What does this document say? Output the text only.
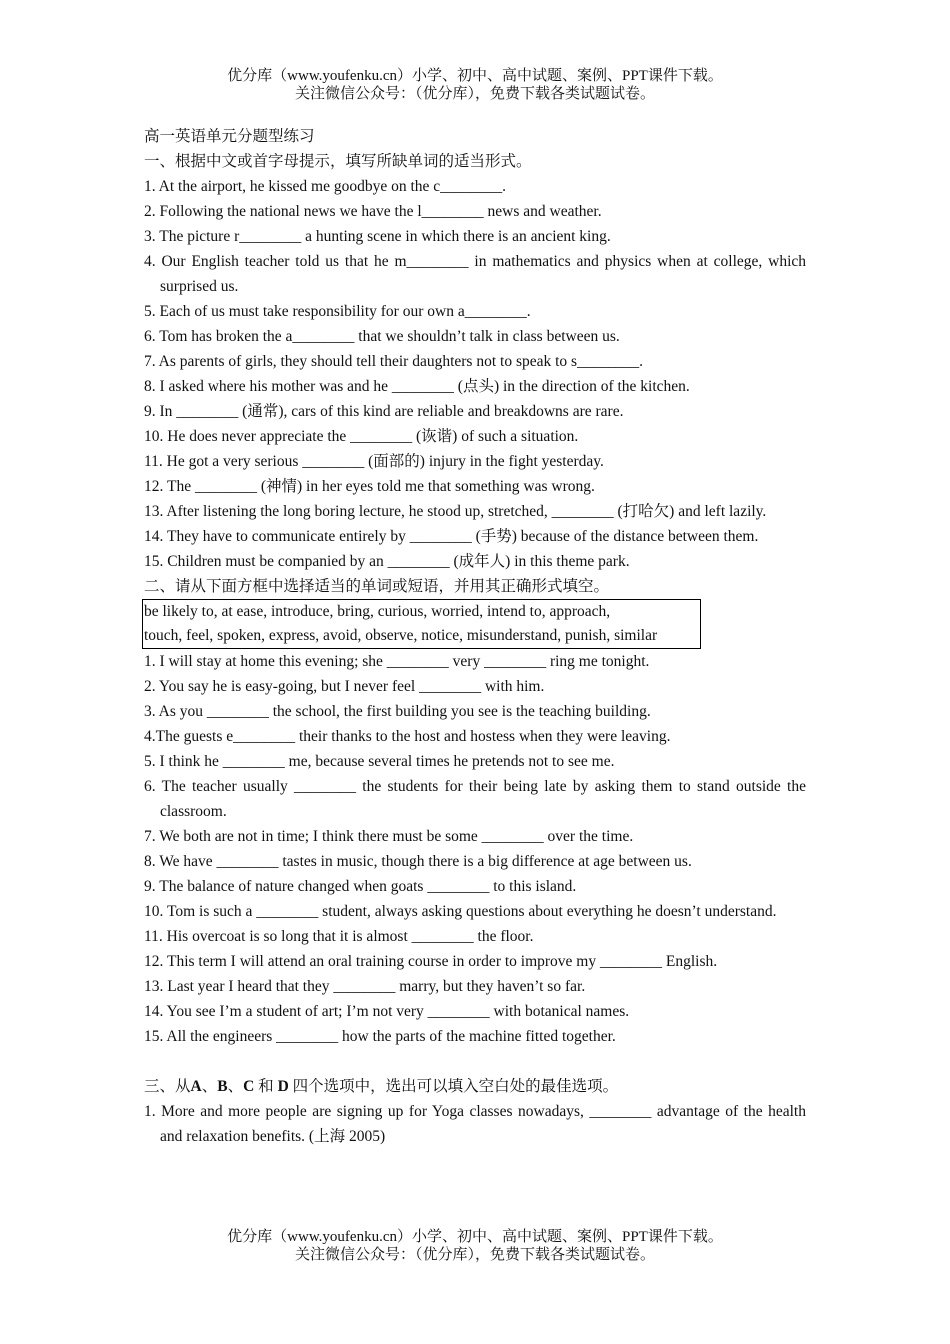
优分库（www.youfenku.cn）小学、初中、高中试题、案例、PPT课件下载。
关注微信公众号：（优分库），免费下载各类试题试卷。
高一英语单元分题型练习
一、根据中文或首字母提示，填写所缺单词的适当形式。
1. At the airport, he kissed me goodbye on the c________.
2. Following the national news we have the l________ news and weather.
3. The picture r________ a hunting scene in which there is an ancient king.
4. Our English teacher told us that he m________ in mathematics and physics when at college, which surprised us.
5. Each of us must take responsibility for our own a________.
6. Tom has broken the a________ that we shouldn’t talk in class between us.
7. As parents of girls, they should tell their daughters not to speak to s________.
8. I asked where his mother was and he ________ (点头) in the direction of the kitchen.
9. In ________ (通常), cars of this kind are reliable and breakdowns are rare.
10. He does never appreciate the ________ (诙谐) of such a situation.
11. He got a very serious ________ (面部的) injury in the fight yesterday.
12. The ________ (神情) in her eyes told me that something was wrong.
13. After listening the long boring lecture, he stood up, stretched, ________ (打哈欠) and left lazily.
14. They have to communicate entirely by ________ (手势) because of the distance between them.
15. Children must be companied by an ________ (成年人) in this theme park.
二、请从下面方框中选择适当的单词或短语，并用其正确形式填空。
be likely to, at ease, introduce, bring, curious, worried, intend to, approach,
touch, feel, spoken, express, avoid, observe, notice, misunderstand, punish, similar
1. I will stay at home this evening; she ________ very ________ ring me tonight.
2. You say he is easy-going, but I never feel ________ with him.
3. As you ________ the school, the first building you see is the teaching building.
4.The guests e________ their thanks to the host and hostess when they were leaving.
5. I think he ________ me, because several times he pretends not to see me.
6. The teacher usually ________ the students for their being late by asking them to stand outside the classroom.
7. We both are not in time; I think there must be some ________ over the time.
8. We have ________ tastes in music, though there is a big difference at age between us.
9. The balance of nature changed when goats ________ to this island.
10. Tom is such a ________ student, always asking questions about everything he doesn’t understand.
11. His overcoat is so long that it is almost ________ the floor.
12. This term I will attend an oral training course in order to improve my ________ English.
13. Last year I heard that they ________ marry, but they haven’t so far.
14. You see I’m a student of art; I’m not very ________ with botanical names.
15. All the engineers ________ how the parts of the machine fitted together.
三、从A、B、C 和 D 四个选项中，选出可以填入空白处的最佳选项。
1. More and more people are signing up for Yoga classes nowadays, ________ advantage of the health and relaxation benefits. (上海 2005)
优分库（www.youfenku.cn）小学、初中、高中试题、案例、PPT课件下载。
关注微信公众号：（优分库），免费下载各类试题试卷。
